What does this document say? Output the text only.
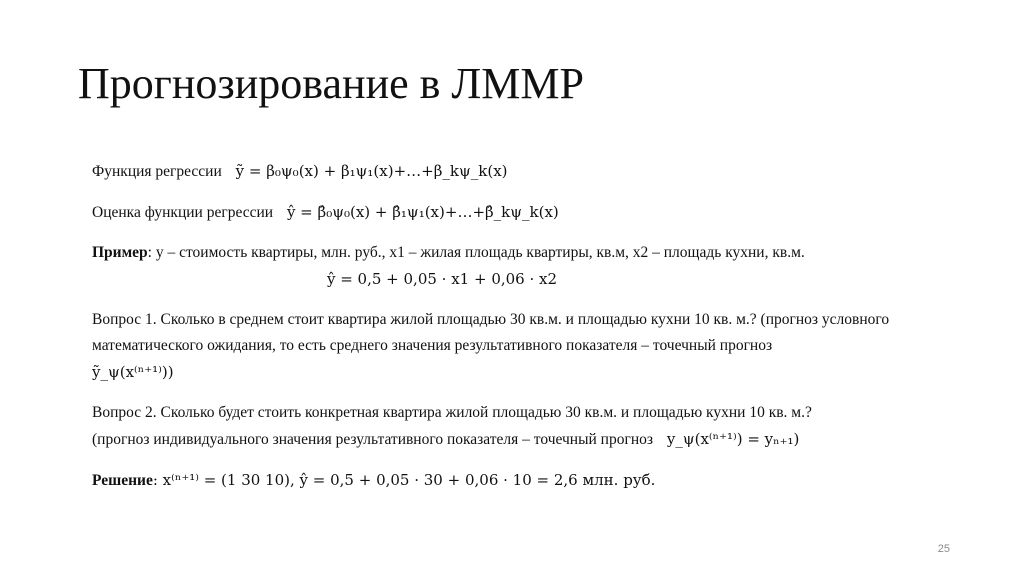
Прогнозирование в ЛММР
Функция регрессии ỹ = β₀ψ₀(x) + β₁ψ₁(x)+…+β_kψ_k(x)
Оценка функции регрессии ŷ = β̂₀ψ₀(x) + β̂₁ψ₁(x)+…+β̂_kψ_k(x)
Пример: y – стоимость квартиры, млн. руб., x1 – жилая площадь квартиры, кв.м, x2 – площадь кухни, кв.м.
ŷ = 0,5 + 0,05 · x1 + 0,06 · x2
Вопрос 1. Сколько в среднем стоит квартира жилой площадью 30 кв.м. и площадью кухни 10 кв. м.? (прогноз условного математического ожидания, то есть среднего значения результативного показателя – точечный прогноз
ỹ_ψ(x⁽ⁿ⁺¹⁾))
Вопрос 2. Сколько будет стоить конкретная квартира жилой площадью 30 кв.м. и площадью кухни 10 кв. м.?
(прогноз индивидуального значения результативного показателя – точечный прогноз y_ψ(x⁽ⁿ⁺¹⁾) = yₙ₊₁)
Решение: x⁽ⁿ⁺¹⁾ = (1 30 10), ŷ = 0,5 + 0,05 · 30 + 0,06 · 10 = 2,6 млн. руб.
25
